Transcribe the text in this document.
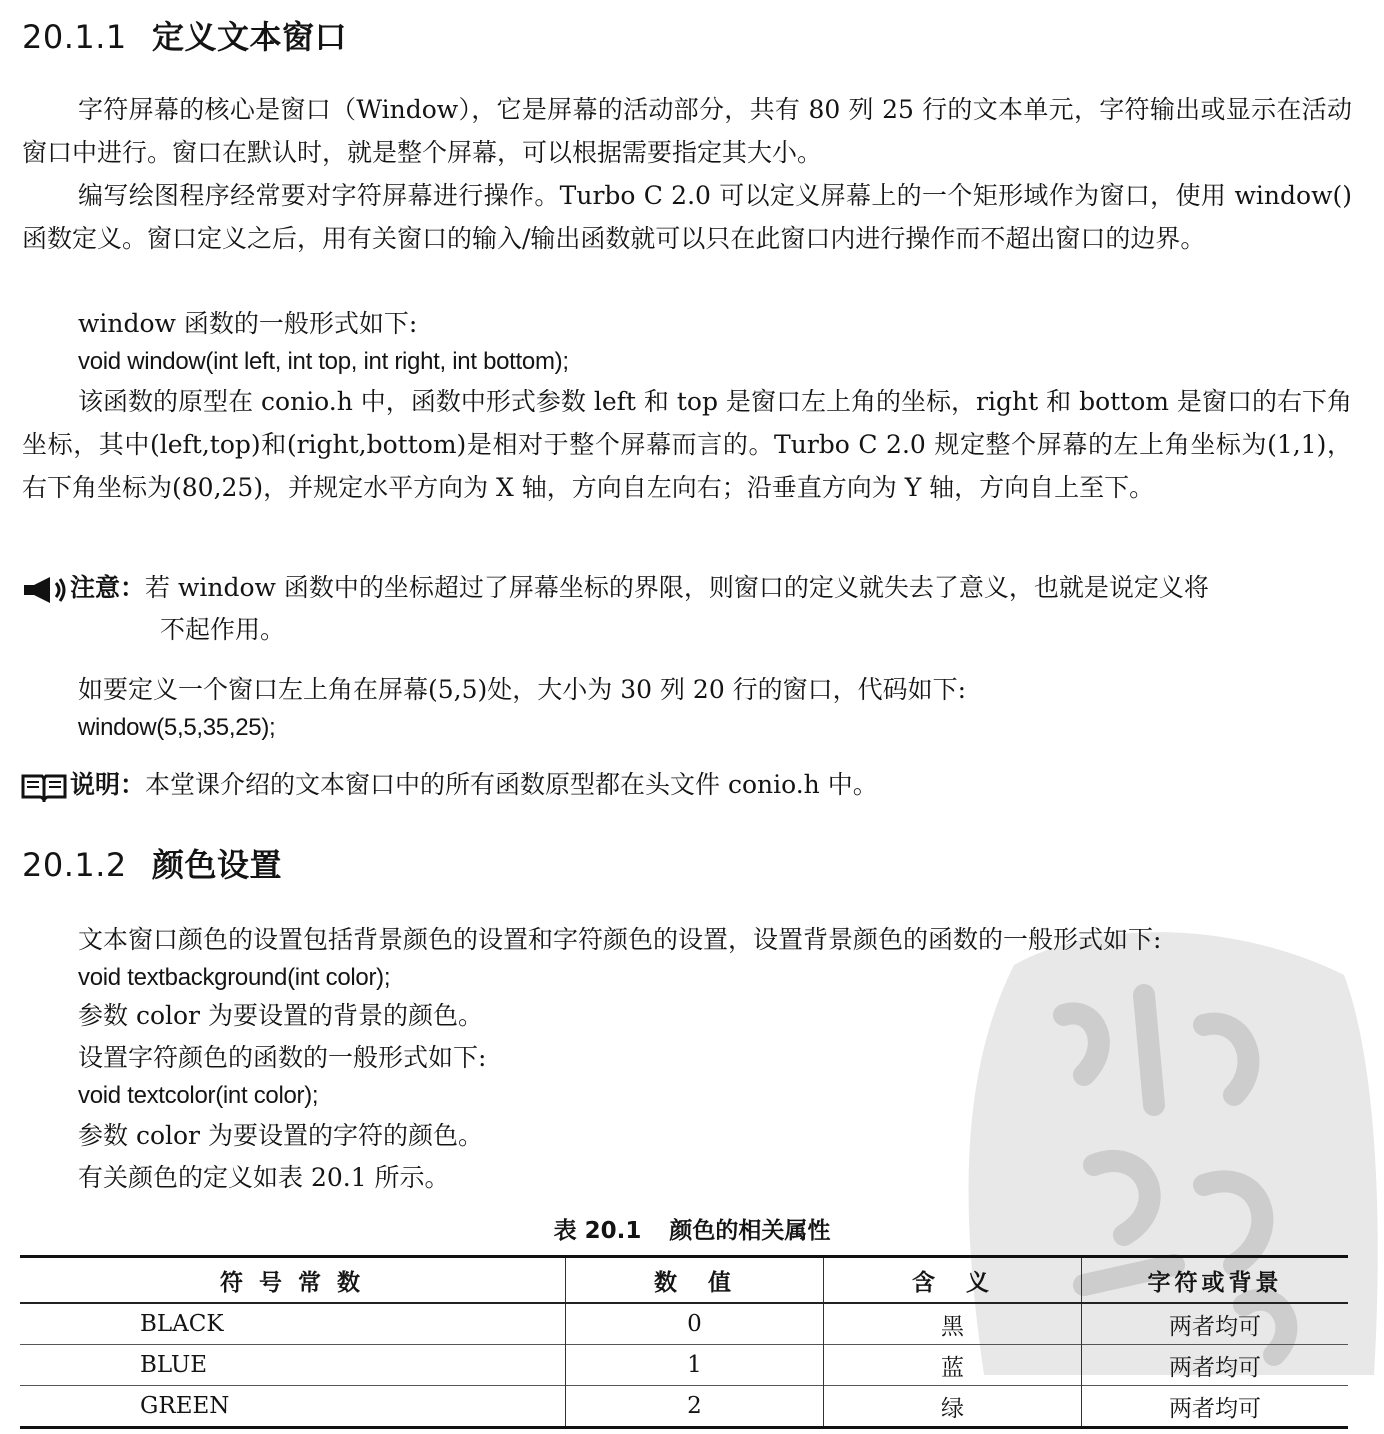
20.1.1 定义文本窗口
字符屏幕的核心是窗口（Window），它是屏幕的活动部分，共有 80 列 25 行的文本单元，字符输出或显示在活动窗口中进行。窗口在默认时，就是整个屏幕，可以根据需要指定其大小。
编写绘图程序经常要对字符屏幕进行操作。Turbo C 2.0 可以定义屏幕上的一个矩形域作为窗口，使用 window()函数定义。窗口定义之后，用有关窗口的输入/输出函数就可以只在此窗口内进行操作而不超出窗口的边界。
window 函数的一般形式如下:
void window(int left, int top, int right, int bottom);
该函数的原型在 conio.h 中，函数中形式参数 left 和 top 是窗口左上角的坐标，right 和 bottom 是窗口的右下角坐标，其中(left,top)和(right,bottom)是相对于整个屏幕而言的。Turbo C 2.0 规定整个屏幕的左上角坐标为(1,1)，右下角坐标为(80,25)，并规定水平方向为 X 轴，方向自左向右；沿垂直方向为 Y 轴，方向自上至下。
注意：若 window 函数中的坐标超过了屏幕坐标的界限，则窗口的定义就失去了意义，也就是说定义将
不起作用。
如要定义一个窗口左上角在屏幕(5,5)处，大小为 30 列 20 行的窗口，代码如下:
window(5,5,35,25);
说明：本堂课介绍的文本窗口中的所有函数原型都在头文件 conio.h 中。
20.1.2 颜色设置
文本窗口颜色的设置包括背景颜色的设置和字符颜色的设置，设置背景颜色的函数的一般形式如下:
void textbackground(int color);
参数 color 为要设置的背景的颜色。
设置字符颜色的函数的一般形式如下:
void textcolor(int color);
参数 color 为要设置的字符的颜色。
有关颜色的定义如表 20.1 所示。
表 20.1 颜色的相关属性
符 号 常 数	数　值	含　义	字符或背景
BLACK	0	黑	两者均可
BLUE	1	蓝	两者均可
GREEN	2	绿	两者均可
